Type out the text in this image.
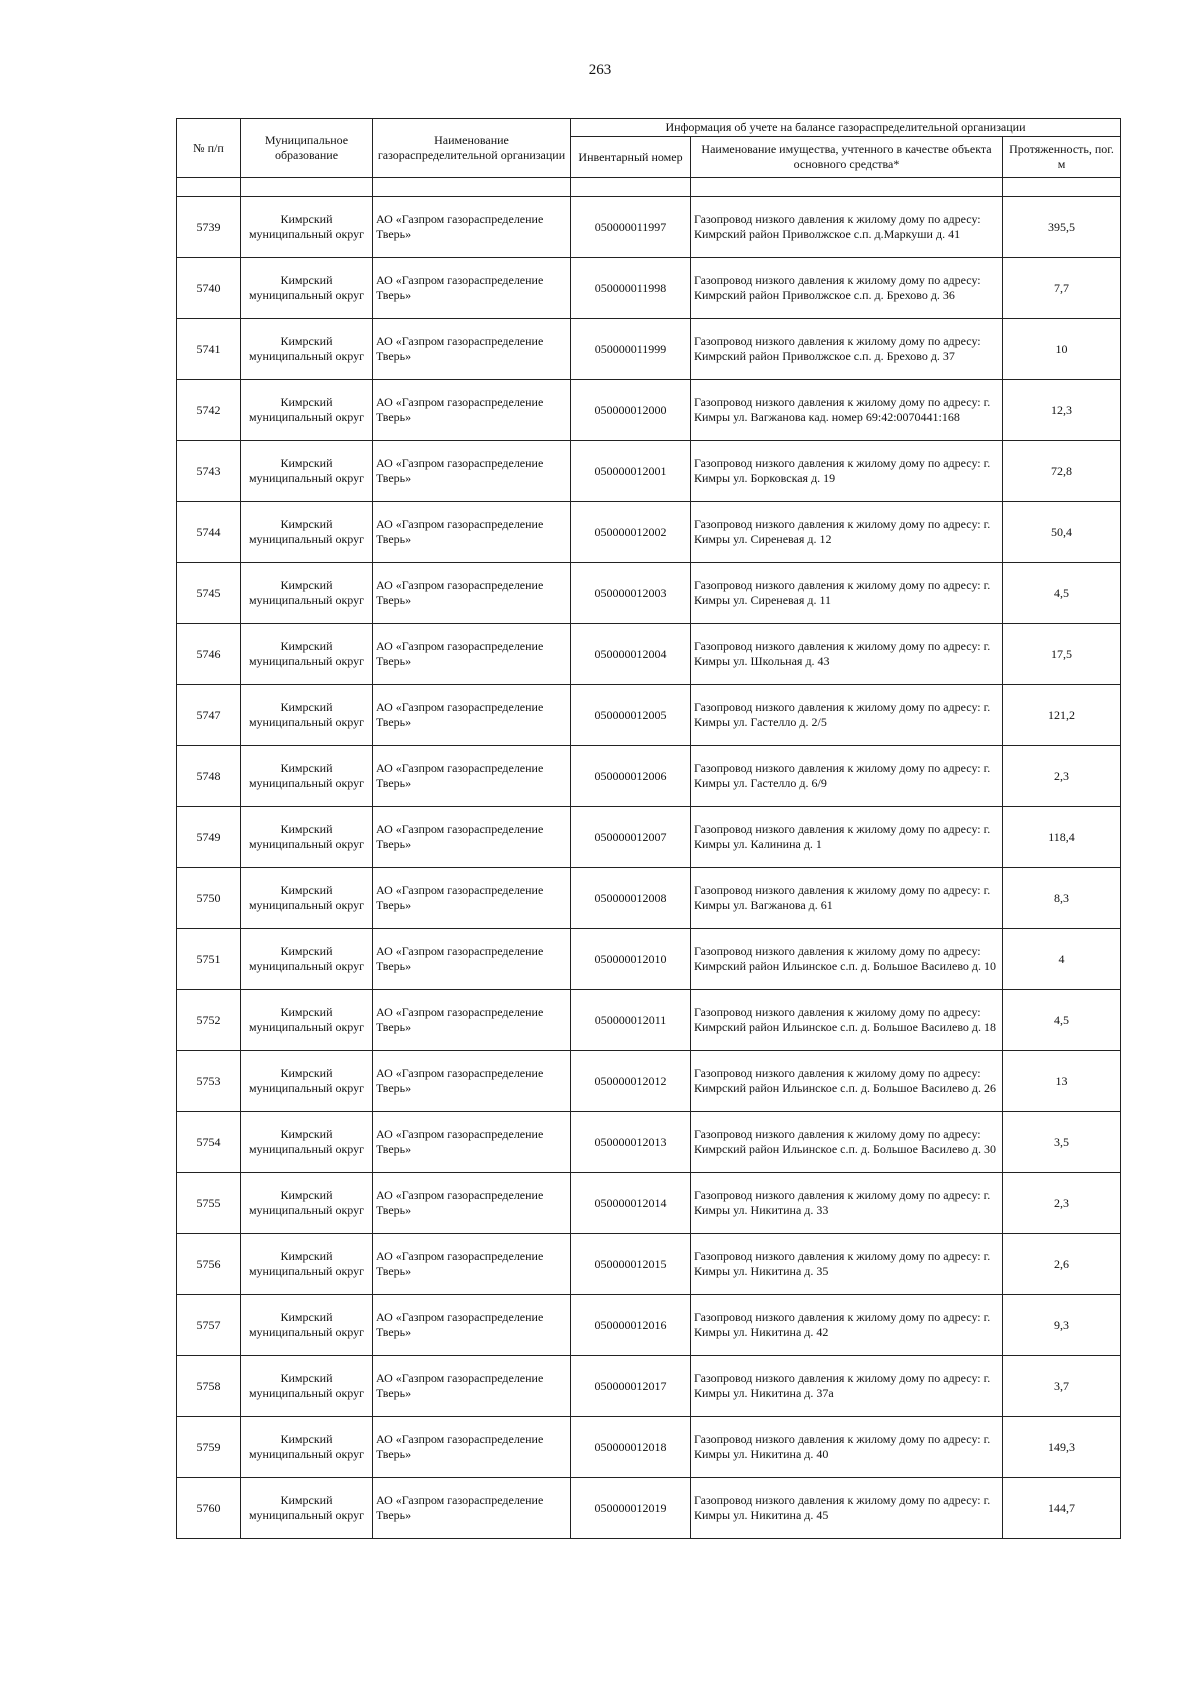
263
№ п/п	Муниципальное образование	Наименование газораспределительной организации	Информация об учете на балансе газораспределительной организации		
			Инвентарный номер	Наименование имущества, учтенного в качестве объекта основного средства*	Протяженность, пог. м

5739	Кимрский муниципальный округ	АО «Газпром газораспределение Тверь»	050000011997	Газопровод низкого давления к жилому дому по адресу: Кимрский район Приволжское с.п. д.Маркуши д. 41	395,5
5740	Кимрский муниципальный округ	АО «Газпром газораспределение Тверь»	050000011998	Газопровод низкого давления к жилому дому по адресу: Кимрский район Приволжское с.п. д. Брехово д. 36	7,7
5741	Кимрский муниципальный округ	АО «Газпром газораспределение Тверь»	050000011999	Газопровод низкого давления к жилому дому по адресу: Кимрский район Приволжское с.п. д. Брехово д. 37	10
5742	Кимрский муниципальный округ	АО «Газпром газораспределение Тверь»	050000012000	Газопровод низкого давления к жилому дому по адресу: г. Кимры ул. Вагжанова кад. номер 69:42:0070441:168	12,3
5743	Кимрский муниципальный округ	АО «Газпром газораспределение Тверь»	050000012001	Газопровод низкого давления к жилому дому по адресу: г. Кимры ул. Борковская д. 19	72,8
5744	Кимрский муниципальный округ	АО «Газпром газораспределение Тверь»	050000012002	Газопровод низкого давления к жилому дому по адресу: г. Кимры ул. Сиреневая д. 12	50,4
5745	Кимрский муниципальный округ	АО «Газпром газораспределение Тверь»	050000012003	Газопровод низкого давления к жилому дому по адресу: г. Кимры ул. Сиреневая д. 11	4,5
5746	Кимрский муниципальный округ	АО «Газпром газораспределение Тверь»	050000012004	Газопровод низкого давления к жилому дому по адресу: г. Кимры ул. Школьная д. 43	17,5
5747	Кимрский муниципальный округ	АО «Газпром газораспределение Тверь»	050000012005	Газопровод низкого давления к жилому дому по адресу: г. Кимры ул. Гастелло д. 2/5	121,2
5748	Кимрский муниципальный округ	АО «Газпром газораспределение Тверь»	050000012006	Газопровод низкого давления к жилому дому по адресу: г. Кимры ул. Гастелло д. 6/9	2,3
5749	Кимрский муниципальный округ	АО «Газпром газораспределение Тверь»	050000012007	Газопровод низкого давления к жилому дому по адресу: г. Кимры ул. Калинина д. 1	118,4
5750	Кимрский муниципальный округ	АО «Газпром газораспределение Тверь»	050000012008	Газопровод низкого давления к жилому дому по адресу: г. Кимры ул. Вагжанова д. 61	8,3
5751	Кимрский муниципальный округ	АО «Газпром газораспределение Тверь»	050000012010	Газопровод низкого давления к жилому дому по адресу: Кимрский район Ильинское с.п. д. Большое Василево д. 10	4
5752	Кимрский муниципальный округ	АО «Газпром газораспределение Тверь»	050000012011	Газопровод низкого давления к жилому дому по адресу: Кимрский район Ильинское с.п. д. Большое Василево д. 18	4,5
5753	Кимрский муниципальный округ	АО «Газпром газораспределение Тверь»	050000012012	Газопровод низкого давления к жилому дому по адресу: Кимрский район Ильинское с.п. д. Большое Василево д. 26	13
5754	Кимрский муниципальный округ	АО «Газпром газораспределение Тверь»	050000012013	Газопровод низкого давления к жилому дому по адресу: Кимрский район Ильинское с.п. д. Большое Василево д. 30	3,5
5755	Кимрский муниципальный округ	АО «Газпром газораспределение Тверь»	050000012014	Газопровод низкого давления к жилому дому по адресу: г. Кимры ул. Никитина д. 33	2,3
5756	Кимрский муниципальный округ	АО «Газпром газораспределение Тверь»	050000012015	Газопровод низкого давления к жилому дому по адресу: г. Кимры ул. Никитина д. 35	2,6
5757	Кимрский муниципальный округ	АО «Газпром газораспределение Тверь»	050000012016	Газопровод низкого давления к жилому дому по адресу: г. Кимры ул. Никитина д. 42	9,3
5758	Кимрский муниципальный округ	АО «Газпром газораспределение Тверь»	050000012017	Газопровод низкого давления к жилому дому по адресу: г. Кимры ул. Никитина д. 37а	3,7
5759	Кимрский муниципальный округ	АО «Газпром газораспределение Тверь»	050000012018	Газопровод низкого давления к жилому дому по адресу: г. Кимры ул. Никитина д. 40	149,3
5760	Кимрский муниципальный округ	АО «Газпром газораспределение Тверь»	050000012019	Газопровод низкого давления к жилому дому по адресу: г. Кимры ул. Никитина д. 45	144,7
